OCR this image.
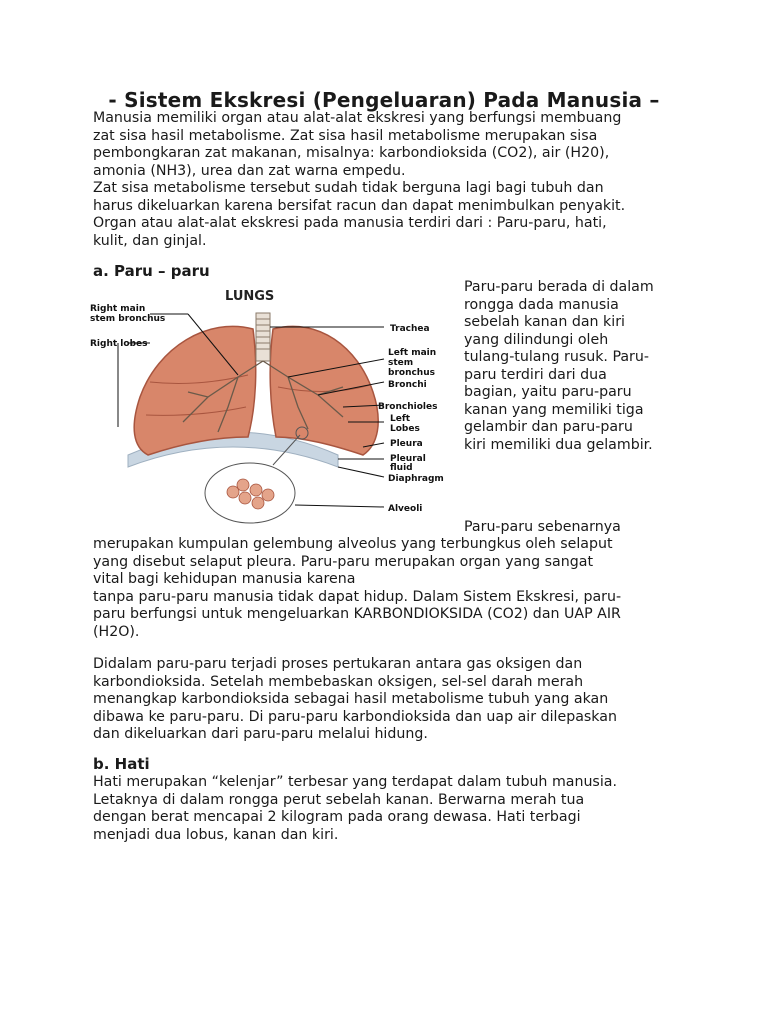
- Sistem Ekskresi (Pengeluaran) Pada Manusia –
Manusia memiliki organ atau alat-alat ekskresi yang berfungsi membuang
zat sisa hasil metabolisme. Zat sisa hasil metabolisme merupakan sisa
pembongkaran zat makanan, misalnya: karbondioksida (CO2), air (H20),
amonia (NH3), urea dan zat warna empedu.
Zat sisa metabolisme tersebut sudah tidak berguna lagi bagi tubuh dan
harus dikeluarkan karena bersifat racun dan dapat menimbulkan penyakit.
Organ atau alat-alat ekskresi pada manusia terdiri dari : Paru-paru, hati,
kulit, dan ginjal.
a. Paru – paru
LUNGS
Right main
stem bronchus
Right lobes
Trachea
Left main
stem
bronchus
Bronchi
Bronchioles
Left
Lobes
Pleura
Pleural
fluid
Diaphragm
Alveoli
Paru-paru berada di dalam
rongga dada manusia
sebelah kanan dan kiri
yang dilindungi oleh
tulang-tulang rusuk. Paru-
paru terdiri dari dua
bagian, yaitu paru-paru
kanan yang memiliki tiga
gelambir dan paru-paru
kiri memiliki dua gelambir.
Paru-paru sebenarnya
merupakan kumpulan gelembung alveolus yang terbungkus oleh selaput
yang disebut selaput pleura. Paru-paru merupakan organ yang sangat
vital bagi kehidupan manusia karena
tanpa paru-paru manusia tidak dapat hidup. Dalam Sistem Ekskresi, paru-
paru berfungsi untuk mengeluarkan KARBONDIOKSIDA (CO2) dan UAP AIR
(H2O).
Didalam paru-paru terjadi proses pertukaran antara gas oksigen dan
karbondioksida. Setelah membebaskan oksigen, sel-sel darah merah
menangkap karbondioksida sebagai hasil metabolisme tubuh yang akan
dibawa ke paru-paru. Di paru-paru karbondioksida dan uap air dilepaskan
dan dikeluarkan dari paru-paru melalui hidung.
b. Hati
Hati merupakan “kelenjar” terbesar yang terdapat dalam tubuh manusia.
Letaknya di dalam rongga perut sebelah kanan. Berwarna merah tua
dengan berat mencapai 2 kilogram pada orang dewasa. Hati terbagi
menjadi dua lobus, kanan dan kiri.
